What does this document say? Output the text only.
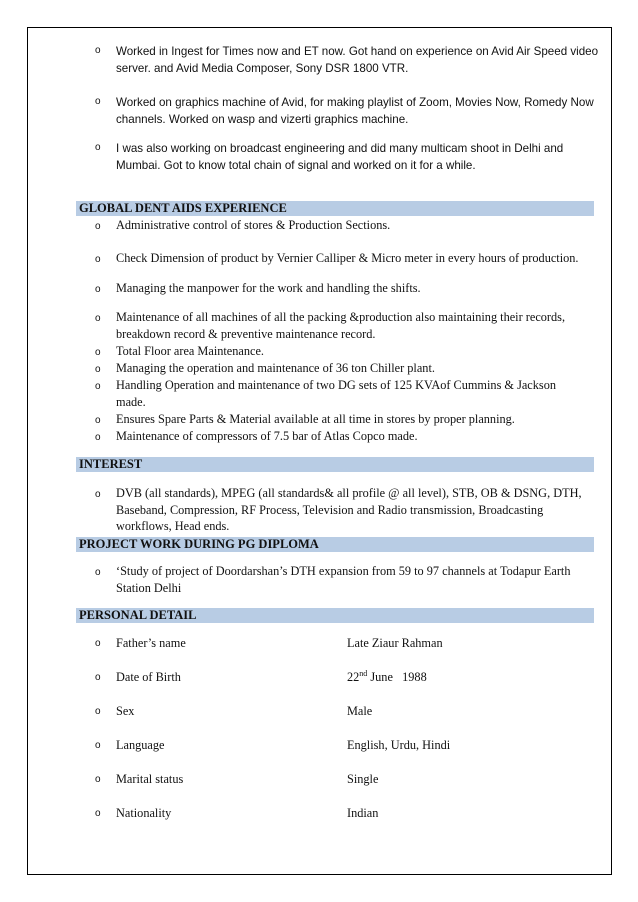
o Worked in Ingest for Times now and ET now. Got hand on experience on Avid Air Speed video server. and Avid Media Composer, Sony DSR 1800 VTR.

o Worked on graphics machine of Avid, for making playlist of Zoom, Movies Now, Romedy Now channels. Worked on wasp and vizerti graphics machine.

o I was also working on broadcast engineering and did many multicam shoot in Delhi and Mumbai. Got to know total chain of signal and worked on it for a while.

GLOBAL DENT AIDS EXPERIENCE
o Administrative control of stores & Production Sections.

o Check Dimension of product by Vernier Calliper & Micro meter in every hours of production.

o Managing the manpower for the work and handling the shifts.

o Maintenance of all machines of all the packing &production also maintaining their records, breakdown record & preventive maintenance record.

o Total Floor area Maintenance.

o Managing the operation and maintenance of 36 ton Chiller plant.

o Handling Operation and maintenance of two DG sets of 125 KVAof Cummins & Jackson made.

o Ensures Spare Parts & Material available at all time in stores by proper planning.

o Maintenance of compressors of 7.5 bar of Atlas Copco made.

INTEREST
o DVB (all standards), MPEG (all standards& all profile @ all level), STB, OB & DSNG, DTH, Baseband, Compression, RF Process, Television and Radio transmission, Broadcasting workflows, Head ends.

PROJECT WORK DURING PG DIPLOMA
o ‘Study of project of Doordarshan’s DTH expansion from 59 to 97 channels at Todapur Earth Station Delhi

PERSONAL DETAIL
o Father’s name	Late Ziaur Rahman
o Date of Birth	22nd June   1988
o Sex	Male
o Language	English, Urdu, Hindi
o Marital status	Single
o Nationality	Indian
